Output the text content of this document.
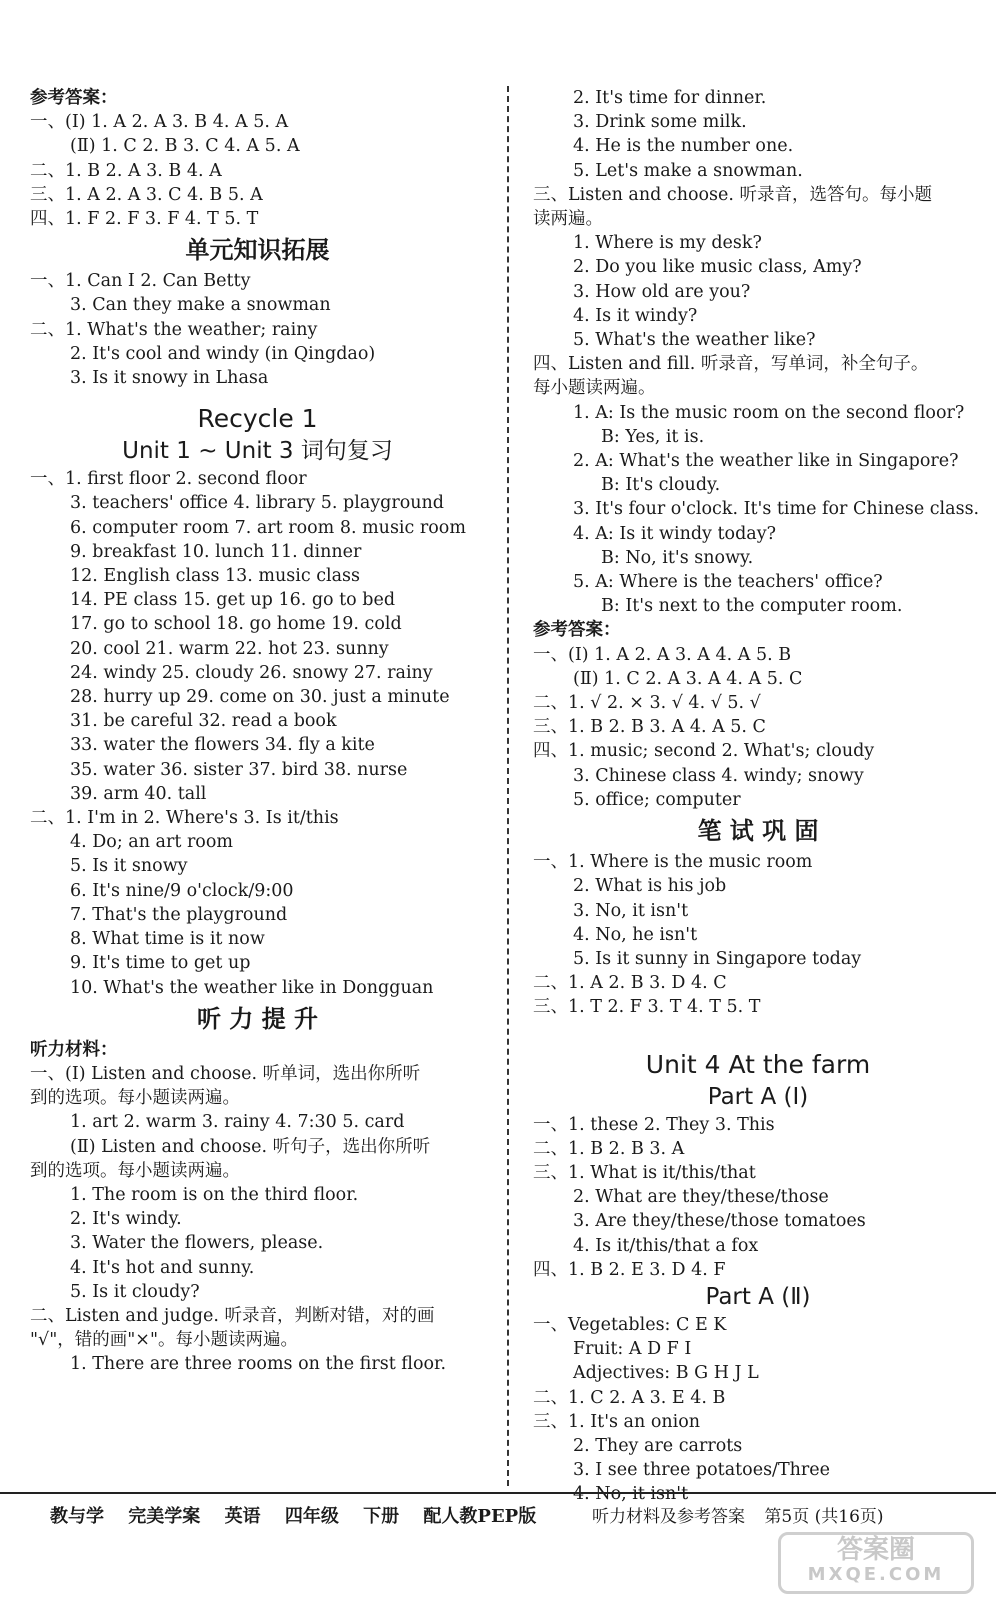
参考答案：
一、(Ⅰ) 1. A 2. A 3. B 4. A 5. A
(Ⅱ) 1. C 2. B 3. C 4. A 5. A
二、1. B 2. A 3. B 4. A
三、1. A 2. A 3. C 4. B 5. A
四、1. F 2. F 3. F 4. T 5. T
单元知识拓展
一、1. Can I 2. Can Betty
3. Can they make a snowman
二、1. What's the weather; rainy
2. It's cool and windy (in Qingdao)
3. Is it snowy in Lhasa
Recycle 1
Unit 1 ~ Unit 3 词句复习
一、1. first floor 2. second floor
3. teachers' office 4. library 5. playground
6. computer room 7. art room 8. music room
9. breakfast 10. lunch 11. dinner
12. English class 13. music class
14. PE class 15. get up 16. go to bed
17. go to school 18. go home 19. cold
20. cool 21. warm 22. hot 23. sunny
24. windy 25. cloudy 26. snowy 27. rainy
28. hurry up 29. come on 30. just a minute
31. be careful 32. read a book
33. water the flowers 34. fly a kite
35. water 36. sister 37. bird 38. nurse
39. arm 40. tall
二、1. I'm in 2. Where's 3. Is it/this
4. Do; an art room
5. Is it snowy
6. It's nine/9 o'clock/9:00
7. That's the playground
8. What time is it now
9. It's time to get up
10. What's the weather like in Dongguan
听 力 提 升
听力材料：
一、(Ⅰ) Listen and choose. 听单词，选出你所听
到的选项。每小题读两遍。
1. art 2. warm 3. rainy 4. 7:30 5. card
(Ⅱ) Listen and choose. 听句子，选出你所听
到的选项。每小题读两遍。
1. The room is on the third floor.
2. It's windy.
3. Water the flowers, please.
4. It's hot and sunny.
5. Is it cloudy?
二、Listen and judge. 听录音，判断对错，对的画
"√"，错的画"×"。每小题读两遍。
1. There are three rooms on the first floor.
2. It's time for dinner.
3. Drink some milk.
4. He is the number one.
5. Let's make a snowman.
三、Listen and choose. 听录音，选答句。每小题
读两遍。
1. Where is my desk?
2. Do you like music class, Amy?
3. How old are you?
4. Is it windy?
5. What's the weather like?
四、Listen and fill. 听录音，写单词，补全句子。
每小题读两遍。
1. A: Is the music room on the second floor?
B: Yes, it is.
2. A: What's the weather like in Singapore?
B: It's cloudy.
3. It's four o'clock. It's time for Chinese class.
4. A: Is it windy today?
B: No, it's snowy.
5. A: Where is the teachers' office?
B: It's next to the computer room.
参考答案：
一、(Ⅰ) 1. A 2. A 3. A 4. A 5. B
(Ⅱ) 1. C 2. A 3. A 4. A 5. C
二、1. √ 2. × 3. √ 4. √ 5. √
三、1. B 2. B 3. A 4. A 5. C
四、1. music; second 2. What's; cloudy
3. Chinese class 4. windy; snowy
5. office; computer
笔 试 巩 固
一、1. Where is the music room
2. What is his job
3. No, it isn't
4. No, he isn't
5. Is it sunny in Singapore today
二、1. A 2. B 3. D 4. C
三、1. T 2. F 3. T 4. T 5. T
Unit 4 At the farm
Part A (Ⅰ)
一、1. these 2. They 3. This
二、1. B 2. B 3. A
三、1. What is it/this/that
2. What are they/these/those
3. Are they/these/those tomatoes
4. Is it/this/that a fox
四、1. B 2. E 3. D 4. F
Part A (Ⅱ)
一、Vegetables: C E K
Fruit: A D F I
Adjectives: B G H J L
二、1. C 2. A 3. E 4. B
三、1. It's an onion
2. They are carrots
3. I see three potatoes/Three
4. No, it isn't
教与学 完美学案 英语 四年级 下册 配人教PEP版	听力材料及参考答案 第5页 (共16页)
答案圈
MXQE.COM
